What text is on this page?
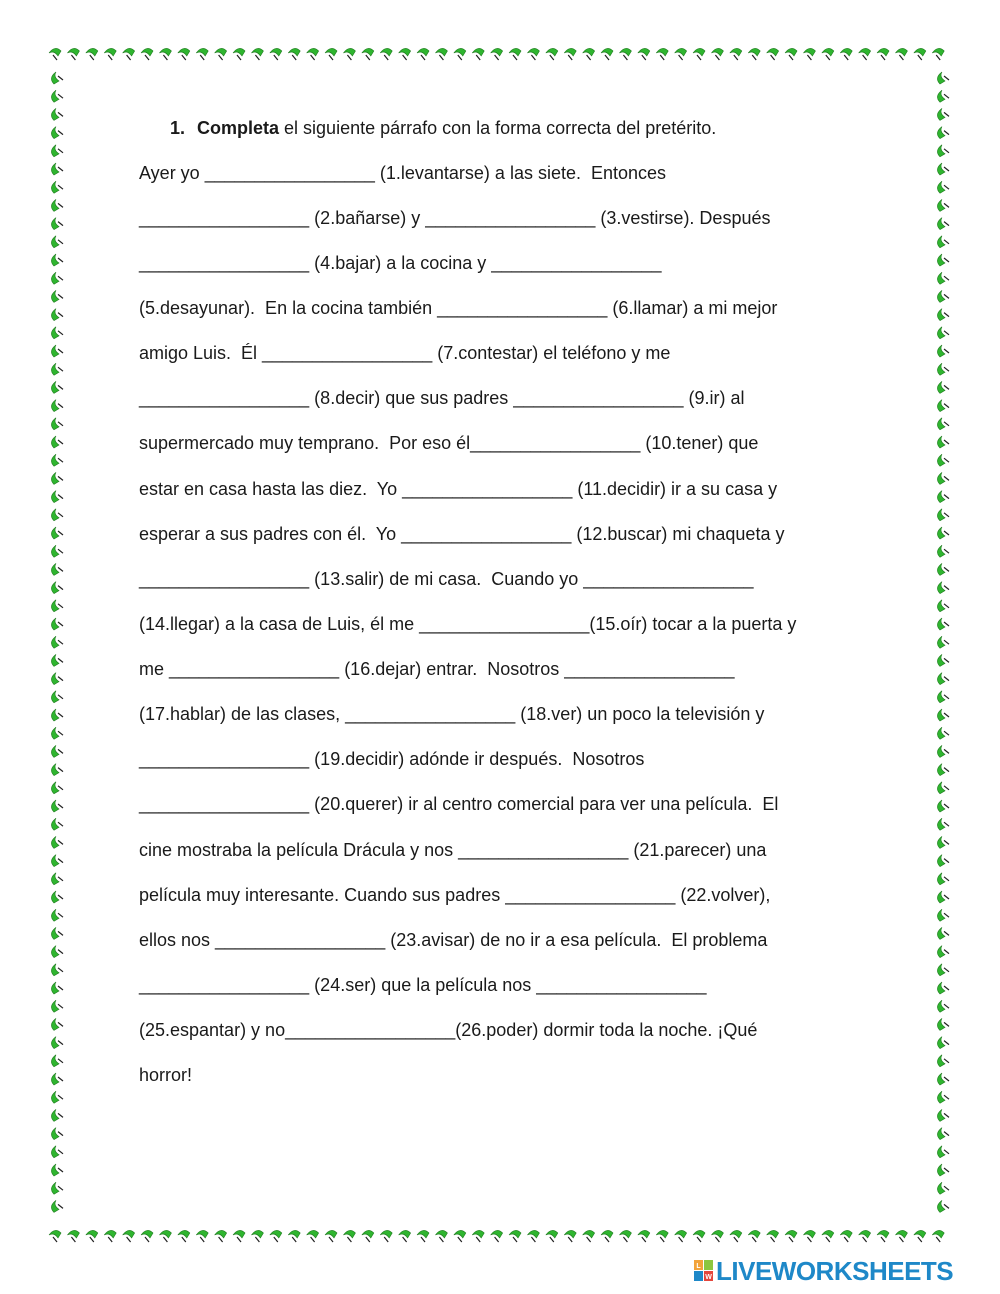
1. Completa el siguiente párrafo con la forma correcta del pretérito.
Ayer yo _________________ (1.levantarse) a las siete.  Entonces
_________________ (2.bañarse) y _________________ (3.vestirse). Después
_________________ (4.bajar) a la cocina y _________________
(5.desayunar).  En la cocina también _________________ (6.llamar) a mi mejor
amigo Luis.  Él _________________ (7.contestar) el teléfono y me
_________________ (8.decir) que sus padres _________________ (9.ir) al
supermercado muy temprano.  Por eso él_________________ (10.tener) que
estar en casa hasta las diez.  Yo _________________ (11.decidir) ir a su casa y
esperar a sus padres con él.  Yo _________________ (12.buscar) mi chaqueta y
_________________ (13.salir) de mi casa.  Cuando yo _________________
(14.llegar) a la casa de Luis, él me _________________(15.oír) tocar a la puerta y
me _________________ (16.dejar) entrar.  Nosotros _________________
(17.hablar) de las clases, _________________ (18.ver) un poco la televisión y
_________________ (19.decidir) adónde ir después.  Nosotros
_________________ (20.querer) ir al centro comercial para ver una película.  El
cine mostraba la película Drácula y nos _________________ (21.parecer) una
película muy interesante. Cuando sus padres _________________ (22.volver),
ellos nos _________________ (23.avisar) de no ir a esa película.  El problema
_________________ (24.ser) que la película nos _________________
(25.espantar) y no_________________(26.poder) dormir toda la noche. ¡Qué
horror!
L
W LIVEWORKSHEETS
